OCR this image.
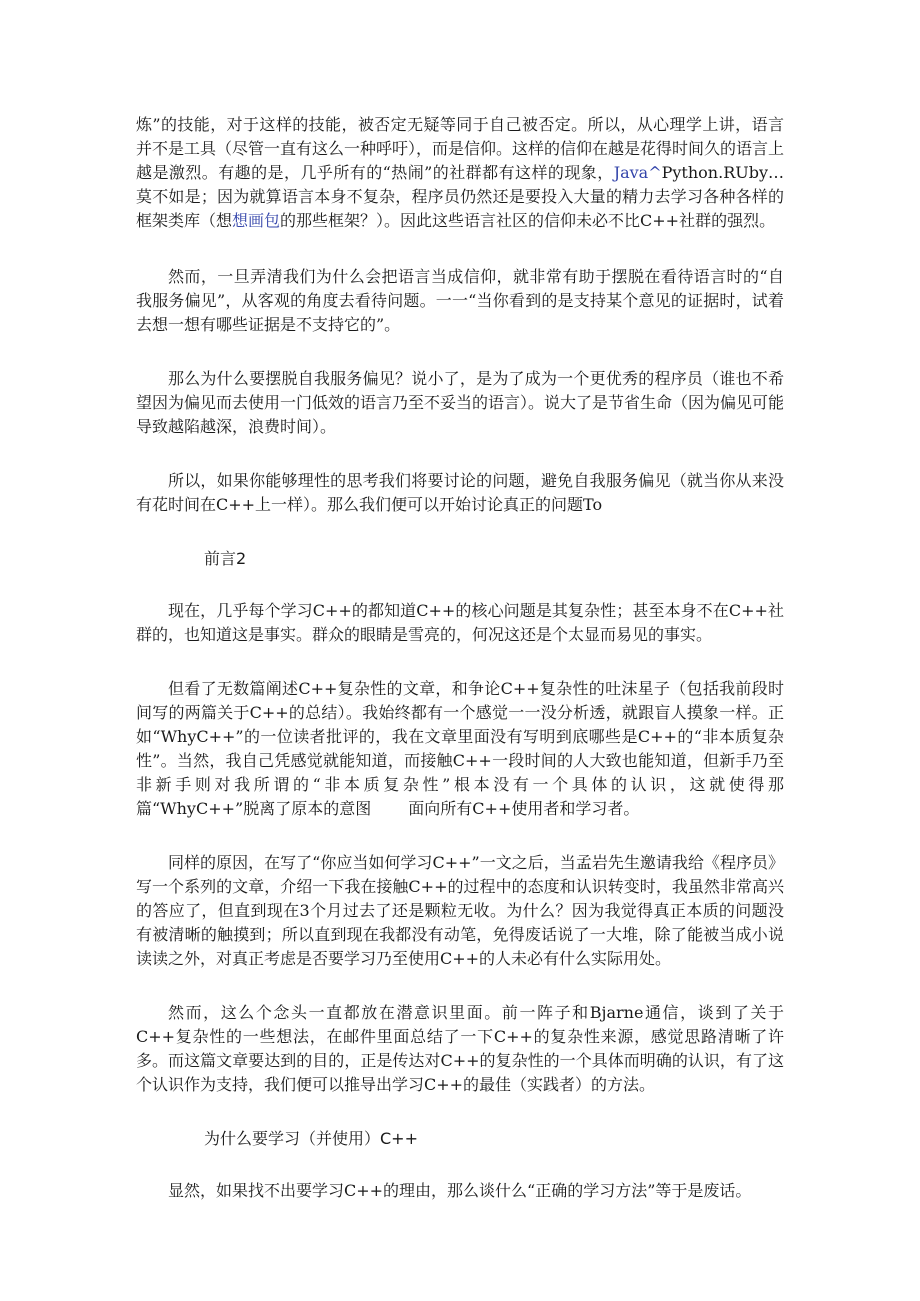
炼”的技能，对于这样的技能，被否定无疑等同于自己被否定。所以，从心理学上讲，语言并不是工具（尽管一直有这么一种呼吁），而是信仰。这样的信仰在越是花得时间久的语言上越是激烈。有趣的是，几乎所有的“热闹”的社群都有这样的现象，Java^Python.RUby…莫不如是；因为就算语言本身不复杂，程序员仍然还是要投入大量的精力去学习各种各样的框架类库（想想画包的那些框架？）。因此这些语言社区的信仰未必不比C++社群的强烈。

然而，一旦弄清我们为什么会把语言当成信仰，就非常有助于摆脱在看待语言时的“自我服务偏见”，从客观的角度去看待问题。一一“当你看到的是支持某个意见的证据时，试着去想一想有哪些证据是不支持它的”。

那么为什么要摆脱自我服务偏见？说小了，是为了成为一个更优秀的程序员（谁也不希望因为偏见而去使用一门低效的语言乃至不妥当的语言）。说大了是节省生命（因为偏见可能导致越陷越深，浪费时间）。

所以，如果你能够理性的思考我们将要讨论的问题，避免自我服务偏见（就当你从来没有花时间在C++上一样）。那么我们便可以开始讨论真正的问题To

前言2

现在，几乎每个学习C++的都知道C++的核心问题是其复杂性；甚至本身不在C++社群的，也知道这是事实。群众的眼睛是雪亮的，何况这还是个太显而易见的事实。

但看了无数篇阐述C++复杂性的文章，和争论C++复杂性的吐沫星子（包括我前段时间写的两篇关于C++的总结）。我始终都有一个感觉一一没分析透，就跟盲人摸象一样。正如“WhyC++”的一位读者批评的，我在文章里面没有写明到底哪些是C++的“非本质复杂性”。当然，我自己凭感觉就能知道，而接触C++一段时间的人大致也能知道，但新手乃至非新手则对我所谓的“非本质复杂性”根本没有一个具体的认识，这就使得那篇“WhyC++”脱离了原本的意图 　　面向所有C++使用者和学习者。

同样的原因，在写了“你应当如何学习C++”一文之后，当孟岩先生邀请我给《程序员》写一个系列的文章，介绍一下我在接触C++的过程中的态度和认识转变时，我虽然非常高兴的答应了，但直到现在3个月过去了还是颗粒无收。为什么？因为我觉得真正本质的问题没有被清晰的触摸到；所以直到现在我都没有动笔，免得废话说了一大堆，除了能被当成小说读读之外，对真正考虑是否要学习乃至使用C++的人未必有什么实际用处。

然而，这么个念头一直都放在潜意识里面。前一阵子和Bjarne通信，谈到了关于C++复杂性的一些想法，在邮件里面总结了一下C++的复杂性来源，感觉思路清晰了许多。而这篇文章要达到的目的，正是传达对C++的复杂性的一个具体而明确的认识，有了这个认识作为支持，我们便可以推导出学习C++的最佳（实践者）的方法。

为什么要学习（并使用）C++

显然，如果找不出要学习C++的理由，那么谈什么“正确的学习方法”等于是废话。
